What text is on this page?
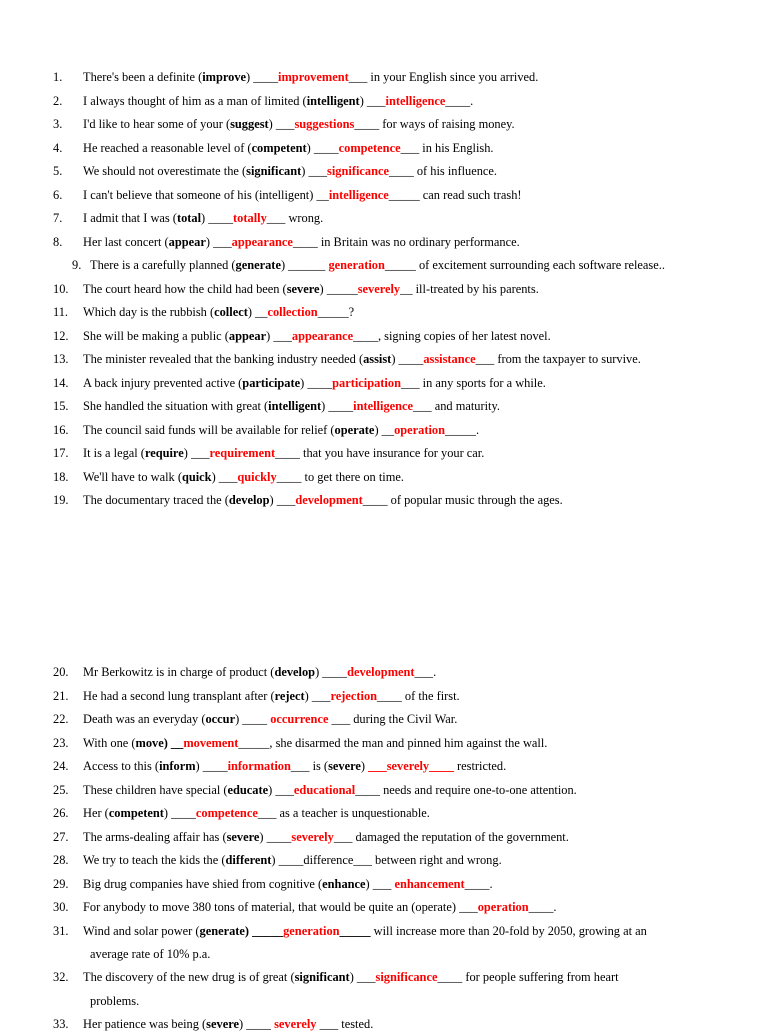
1.	There's been a definite (improve) ____improvement___ in your English since you arrived.
2.	I always thought of him as a man of limited (intelligent) ___intelligence____.
3.	I'd like to hear some of your (suggest) ___suggestions____ for ways of raising money.
4.	He reached a reasonable level of (competent) ____competence___ in his English.
5.	We should not overestimate the (significant) ___significance____ of his influence.
6.	I can't believe that someone of his (intelligent) __intelligence_____ can read such trash!
7.	I admit that I was (total) ____totally___ wrong.
8.	Her last concert (appear) ___appearance____ in Britain was no ordinary performance.
9. There is a carefully planned (generate) ______ generation_____ of excitement surrounding each software release..
10.	The court heard how the child had been (severe) _____severely__ ill-treated by his parents.
11.	Which day is the rubbish (collect) __collection_____?
12.	She will be making a public (appear) ___appearance____, signing copies of her latest novel.
13.	The minister revealed that the banking industry needed (assist) ____assistance___ from the taxpayer to survive.
14.	A back injury prevented active (participate) ____participation___ in any sports for a while.
15.	She handled the situation with great (intelligent) ____intelligence___ and maturity.
16.	The council said funds will be available for relief (operate) __operation_____.
17.	It is a legal (require) ___requirement____ that you have insurance for your car.
18.	We'll have to walk (quick) ___quickly____ to get there on time.
19.	The documentary traced the (develop) ___development____ of popular music through the ages.
20.	Mr Berkowitz is in charge of product (develop) ____development___.
21.	He had a second lung transplant after (reject) ___rejection____ of the first.
22.	Death was an everyday (occur) ____ occurrence ___ during the Civil War.
23.	With one (move) __movement_____, she disarmed the man and pinned him against the wall.
24.	Access to this (inform) ____information___ is (severe) ___severely____ restricted.
25.	These children have special (educate) ___educational____ needs and require one-to-one attention.
26.	Her (competent) ____competence___ as a teacher is unquestionable.
27.	The arms-dealing affair has (severe) ____severely___ damaged the reputation of the government.
28.	We try to teach the kids the (different) ____difference___ between right and wrong.
29.	Big drug companies have shied from cognitive (enhance) ___ enhancement____.
30.	For anybody to move 380 tons of material, that would be quite an (operate) ___operation____.
31.	Wind and solar power (generate) _____generation_____ will increase more than 20-fold by 2050, growing at an
average rate of 10% p.a.
32.	The discovery of the new drug is of great (significant) ___significance____ for people suffering from heart
problems.
33.	Her patience was being (severe) ____ severely ___ tested.
